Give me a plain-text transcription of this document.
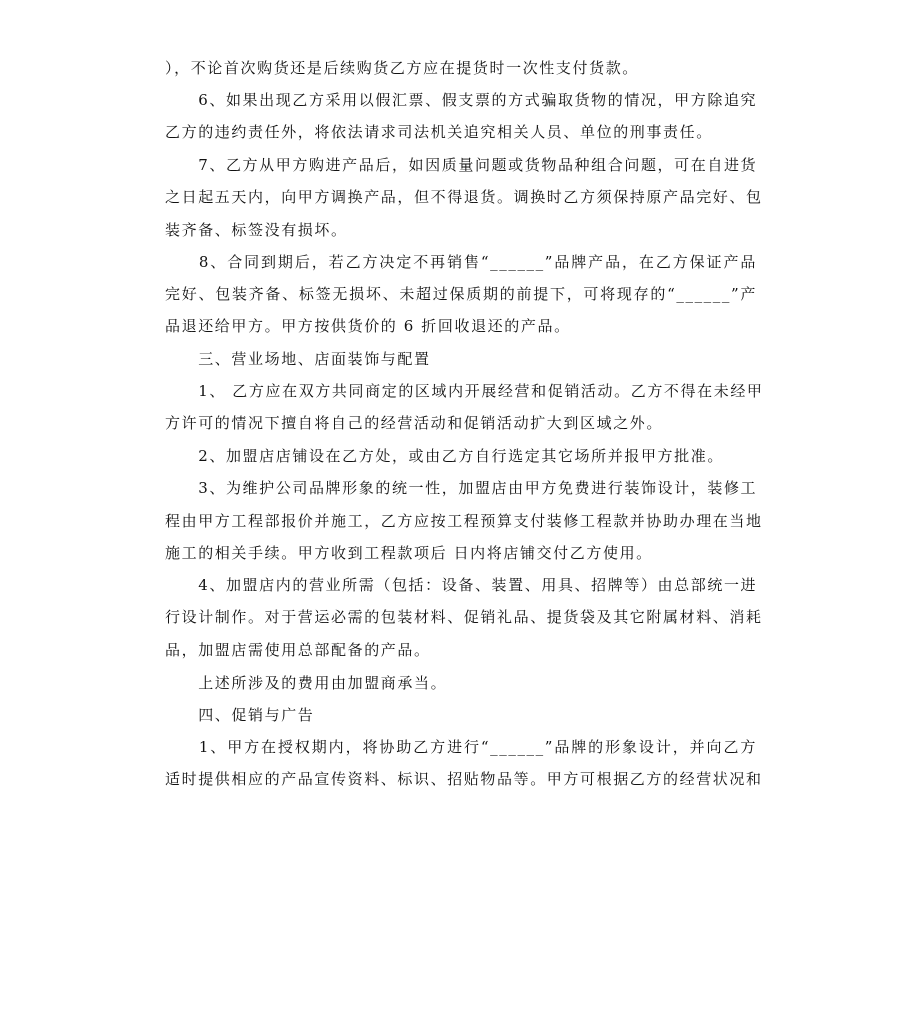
），不论首次购货还是后续购货乙方应在提货时一次性支付货款。
　　6、如果出现乙方采用以假汇票、假支票的方式骗取货物的情况，甲方除追究
乙方的违约责任外，将依法请求司法机关追究相关人员、单位的刑事责任。
　　7、乙方从甲方购进产品后，如因质量问题或货物品种组合问题，可在自进货
之日起五天内，向甲方调换产品，但不得退货。调换时乙方须保持原产品完好、包
装齐备、标签没有损坏。
　　8、合同到期后，若乙方决定不再销售“______”品牌产品，在乙方保证产品
完好、包装齐备、标签无损坏、未超过保质期的前提下，可将现存的“______”产
品退还给甲方。甲方按供货价的 6 折回收退还的产品。
　　三、营业场地、店面装饰与配置
　　1、 乙方应在双方共同商定的区域内开展经营和促销活动。乙方不得在未经甲
方许可的情况下擅自将自己的经营活动和促销活动扩大到区域之外。
　　2、加盟店店铺设在乙方处，或由乙方自行选定其它场所并报甲方批准。
　　3、为维护公司品牌形象的统一性，加盟店由甲方免费进行装饰设计，装修工
程由甲方工程部报价并施工，乙方应按工程预算支付装修工程款并协助办理在当地
施工的相关手续。甲方收到工程款项后 日内将店铺交付乙方使用。
　　4、加盟店内的营业所需（包括：设备、装置、用具、招牌等）由总部统一进
行设计制作。对于营运必需的包装材料、促销礼品、提货袋及其它附属材料、消耗
品，加盟店需使用总部配备的产品。
　　上述所涉及的费用由加盟商承当。
　　四、促销与广告
　　1、甲方在授权期内，将协助乙方进行“______”品牌的形象设计，并向乙方
适时提供相应的产品宣传资料、标识、招贴物品等。甲方可根据乙方的经营状况和
